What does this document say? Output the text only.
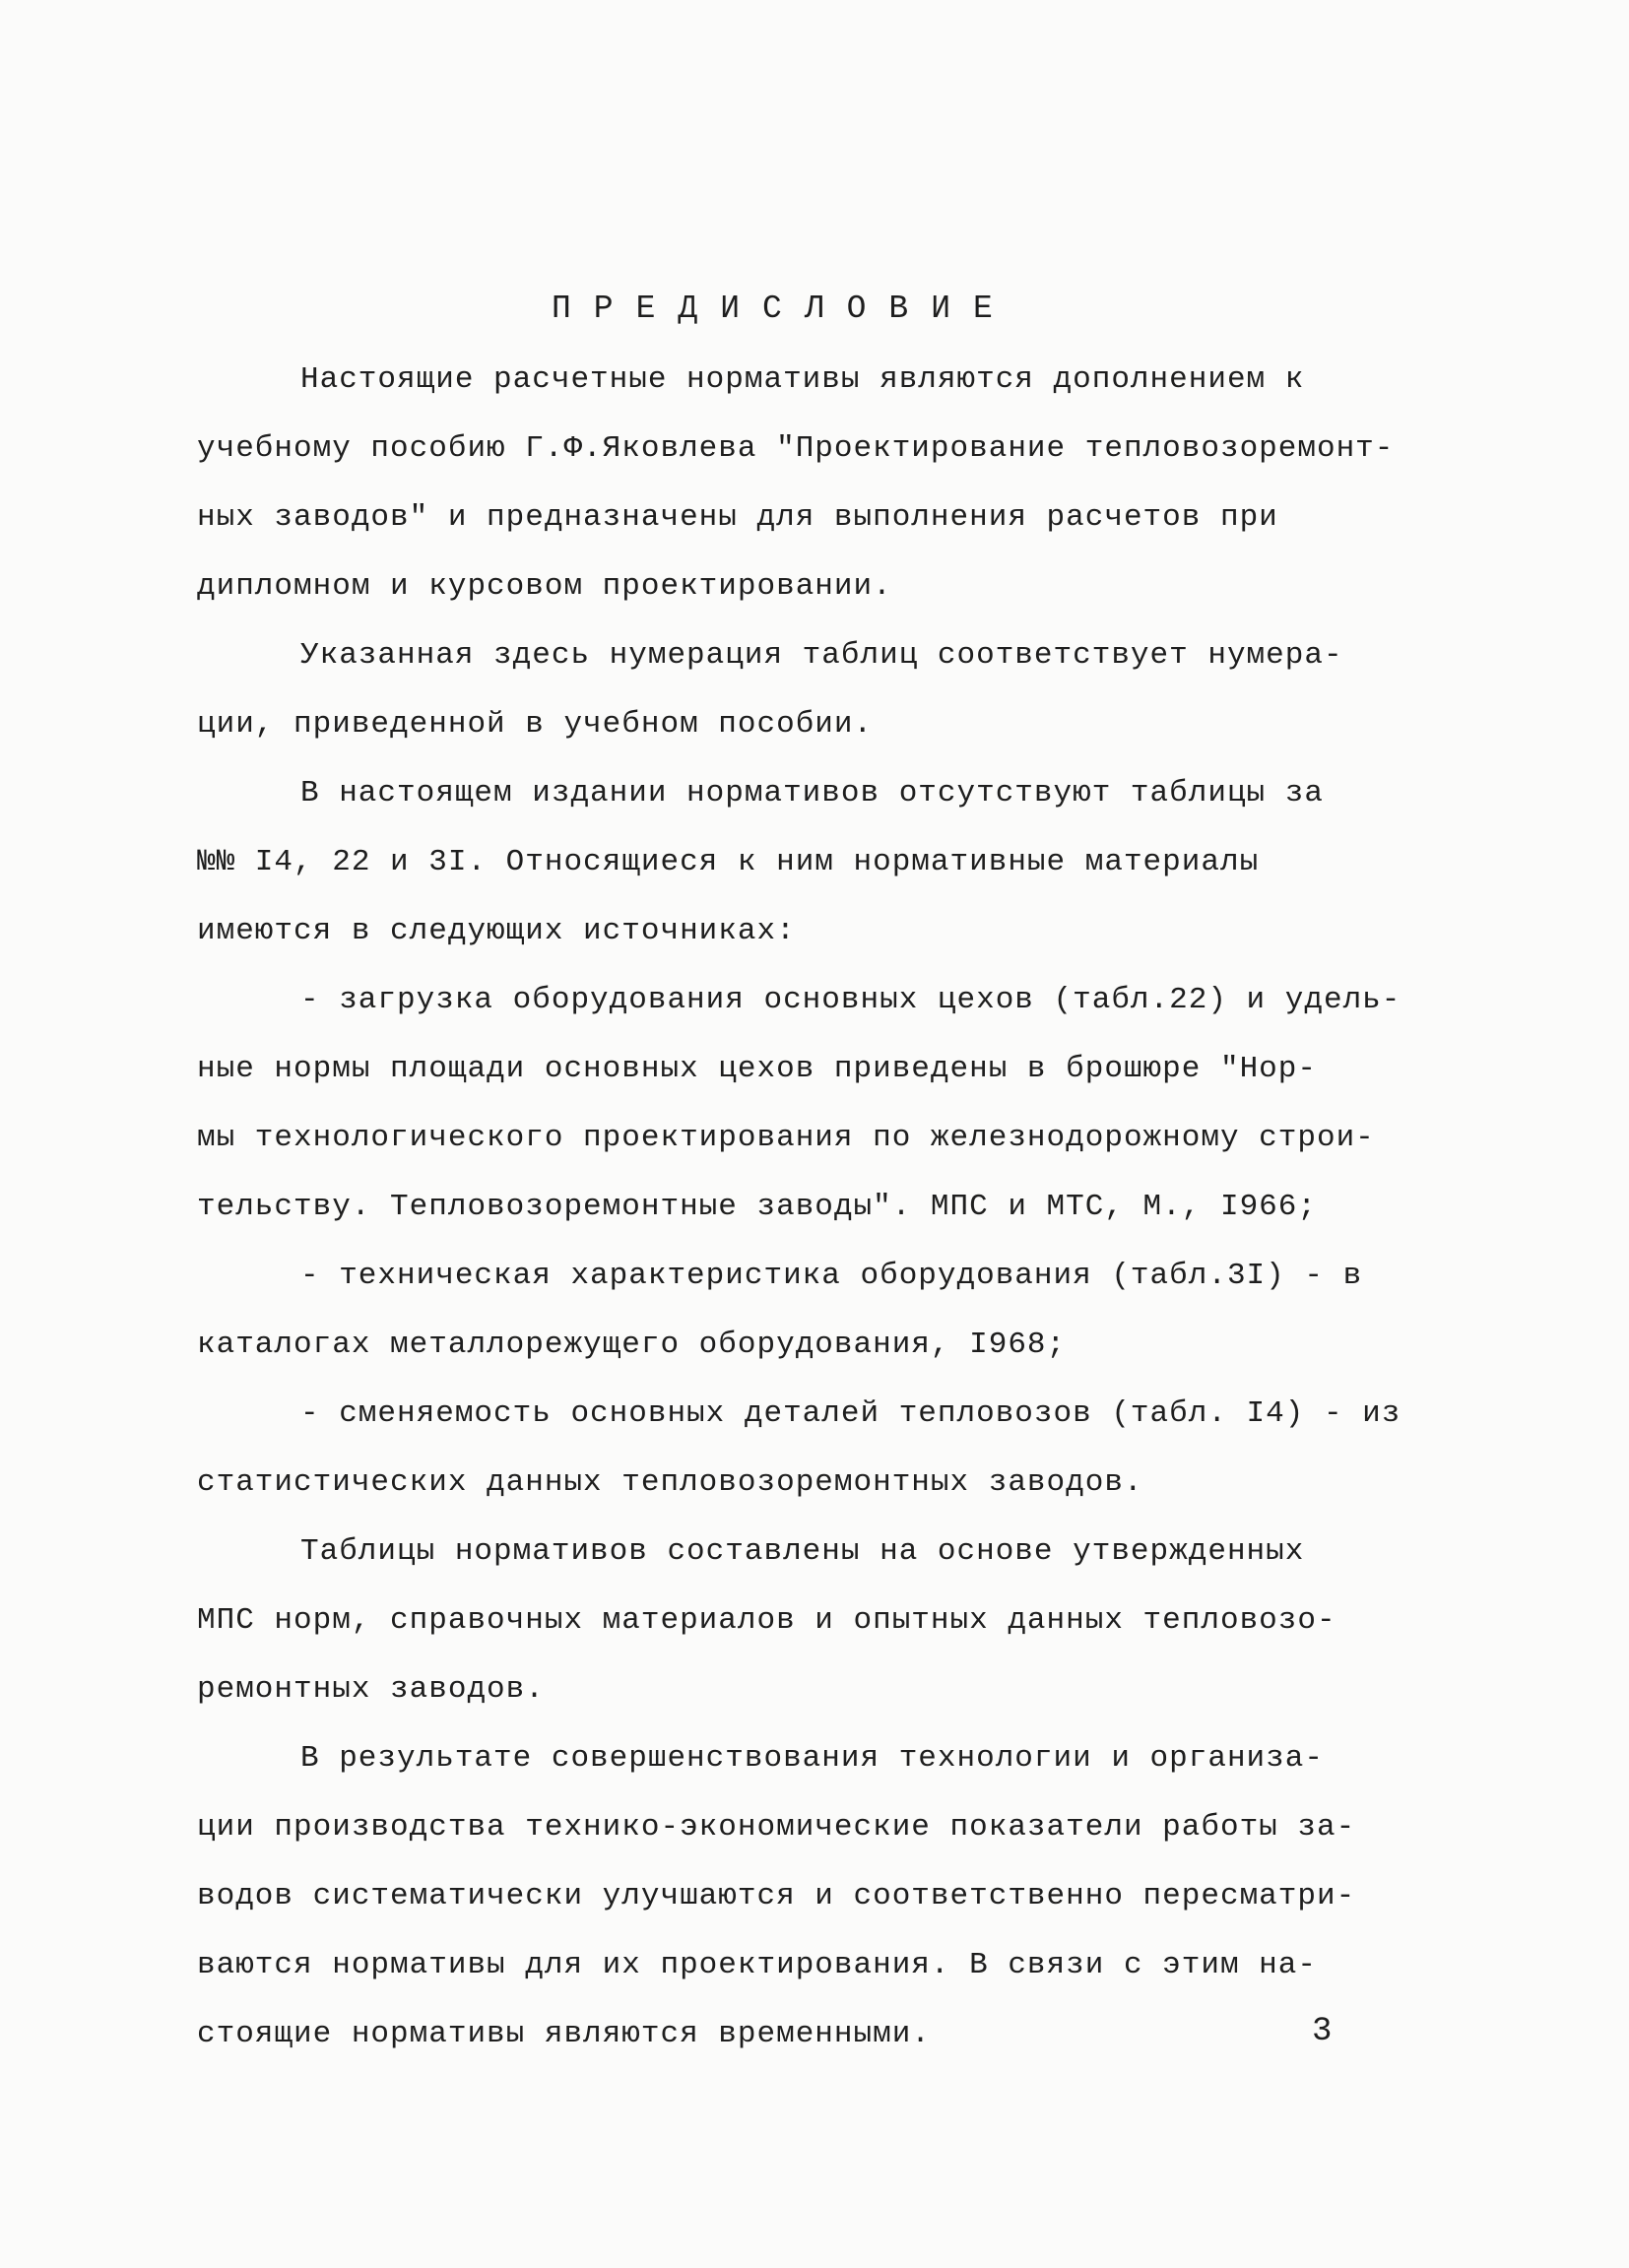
ПРЕДИСЛОВИЕ
Настоящие расчетные нормативы являются дополнением к
учебному пособию Г.Ф.Яковлева "Проектирование тепловозоремонт-
ных заводов" и предназначены для выполнения расчетов при
дипломном и курсовом проектировании.
Указанная здесь нумерация таблиц соответствует нумера-
ции, приведенной в учебном пособии.
В настоящем издании нормативов отсутствуют таблицы за
№№ I4, 22 и 3I. Относящиеся к ним нормативные материалы
имеются в следующих источниках:
- загрузка оборудования основных цехов (табл.22) и удель-
ные нормы площади основных цехов приведены в брошюре "Нор-
мы технологического проектирования по железнодорожному строи-
тельству. Тепловозоремонтные заводы". МПС и МТС, М., I966;
- техническая характеристика оборудования (табл.3I) - в
каталогах металлорежущего оборудования, I968;
- сменяемость основных деталей тепловозов (табл. I4) - из
статистических данных тепловозоремонтных заводов.
Таблицы нормативов составлены на основе утвержденных
МПС норм, справочных материалов и опытных данных тепловозо-
ремонтных заводов.
В результате совершенствования технологии и организа-
ции производства технико-экономические показатели работы за-
водов систематически улучшаются и соответственно пересматри-
ваются нормативы для их проектирования. В связи с этим на-
стоящие нормативы являются временными.	3
